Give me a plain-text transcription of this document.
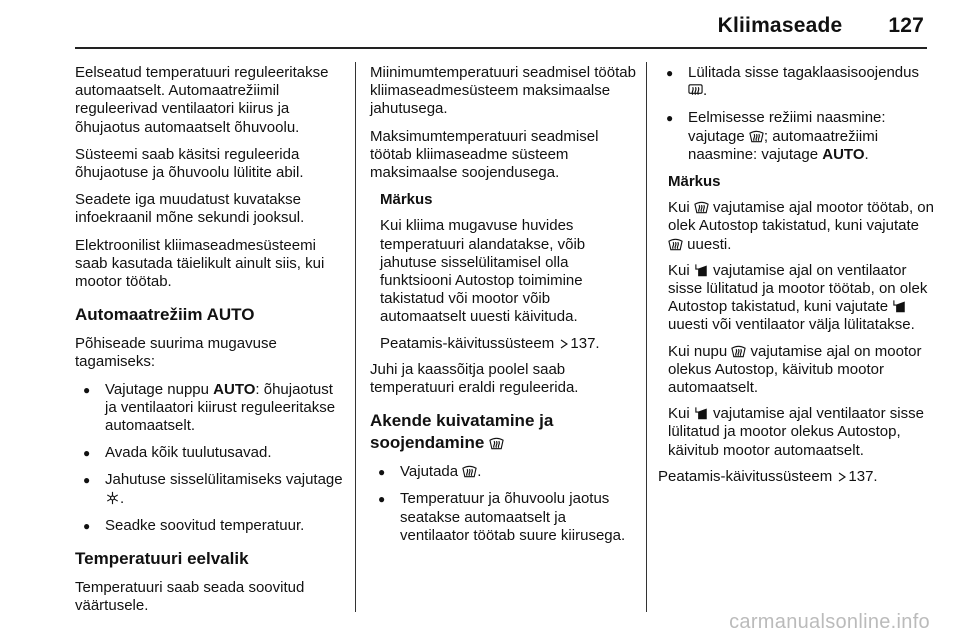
Kliimaseade 127

Eelseatud temperatuuri reguleeritakse automaatselt. Automaatrežiimil reguleerivad ventilaatori kiirus ja õhujaotus automaatselt õhuvoolu.

Süsteemi saab käsitsi reguleerida õhujaotuse ja õhuvoolu lülitite abil.

Seadete iga muudatust kuvatakse infoekraanil mõne sekundi jooksul.

Elektroonilist kliimaseadmesüsteemi saab kasutada täielikult ainult siis, kui mootor töötab.

Automaatrežiim AUTO

Põhiseade suurima mugavuse tagamiseks:

● Vajutage nuppu AUTO: õhujaotust ja ventilaatori kiirust reguleeritakse automaatselt.
● Avada kõik tuulutusavad.
● Jahutuse sisselülitamiseks vajutage
.
● Seadke soovitud temperatuur.
Temperatuuri eelvalik

Temperatuuri saab seada soovitud väärtusele.

Miinimumtemperatuuri seadmisel töötab kliimaseadmesüsteem maksimaalse jahutusega.

Maksimumtemperatuuri seadmisel töötab kliimaseadme süsteem maksimaalse soojendusega.

Märkus

Kui kliima mugavuse huvides temperatuuri alandatakse, võib jahutuse sisselülitamisel olla funktsiooni Autostop toimimine takistatud või mootor võib automaatselt uuesti käivituda.

Peatamis-käivitussüsteem
137.

Juhi ja kaassõitja poolel saab temperatuuri eraldi reguleerida.

Akende kuivatamine ja soojendamine
● Vajutada
.
● Temperatuur ja õhuvoolu jaotus seatakse automaatselt ja ventilaator töötab suure kiirusega.
● Lülitada sisse tagaklaasisoojendus
.
● Eelmisesse režiimi naasmine: vajutage
; automaatrežiimi naasmine: vajutage AUTO.

Märkus

Kui
vajutamise ajal mootor töötab, on olek Autostop takistatud, kuni vajutate
uuesti.

Kui
vajutamise ajal on ventilaator sisse lülitatud ja mootor töötab, on olek Autostop takistatud, kuni vajutate
uuesti või ventilaator välja lülitatakse.

Kui nupu
vajutamise ajal on mootor olekus Autostop, käivitub mootor automaatselt.

Kui
vajutamise ajal ventilaator sisse lülitatud ja mootor olekus Autostop, käivitub mootor automaatselt.

Peatamis-käivitussüsteem
137.

carmanualsonline.info
